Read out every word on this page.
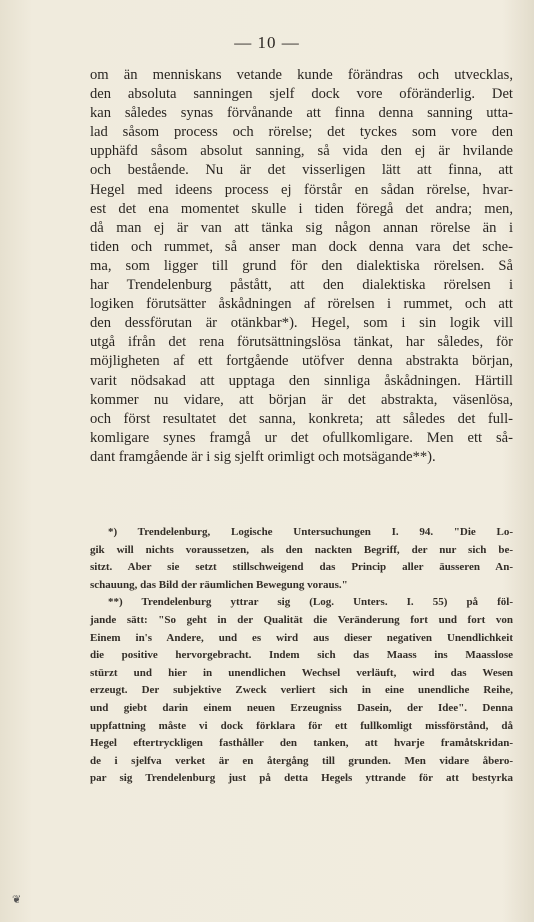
— 10 —
om än menniskans vetande kunde förändras och utvecklas,
den absoluta sanningen sjelf dock vore oföränderlig. Det
kan således synas förvånande att finna denna sanning utta-
lad såsom process och rörelse; det tyckes som vore den
upphäfd såsom absolut sanning, så vida den ej är hvilande
och bestående. Nu är det visserligen lätt att finna, att
Hegel med ideens process ej förstår en sådan rörelse, hvar-
est det ena momentet skulle i tiden föregå det andra; men,
då man ej är van att tänka sig någon annan rörelse än i
tiden och rummet, så anser man dock denna vara det sche-
ma, som ligger till grund för den dialektiska rörelsen. Så
har Trendelenburg påstått, att den dialektiska rörelsen i
logiken förutsätter åskådningen af rörelsen i rummet, och att
den dessförutan är otänkbar*). Hegel, som i sin logik vill
utgå ifrån det rena förutsättningslösa tänkat, har således, för
möjligheten af ett fortgående utöfver denna abstrakta början,
varit nödsakad att upptaga den sinnliga åskådningen. Härtill
kommer nu vidare, att början är det abstrakta, väsenlösa,
och först resultatet det sanna, konkreta; att således det full-
komligare synes framgå ur det ofullkomligare. Men ett så-
dant framgående är i sig sjelft orimligt och motsägande**).
*) Trendelenburg, Logische Untersuchungen I. 94. "Die Lo-
gik will nichts voraussetzen, als den nackten Begriff, der nur sich be-
sitzt. Aber sie setzt stillschweigend das Princip aller äusseren An-
schauung, das Bild der räumlichen Bewegung voraus."
**) Trendelenburg yttrar sig (Log. Unters. I. 55) på föl-
jande sätt: "So geht in der Qualität die Veränderung fort und fort von
Einem in's Andere, und es wird aus dieser negativen Unendlichkeit
die positive hervorgebracht. Indem sich das Maass ins Maasslose
stürzt und hier in unendlichen Wechsel verläuft, wird das Wesen
erzeugt. Der subjektive Zweck verliert sich in eine unendliche Reihe,
und giebt darin einem neuen Erzeugniss Dasein, der Idee". Denna
uppfattning måste vi dock förklara för ett fullkomligt missförstånd, då
Hegel eftertryckligen fasthåller den tanken, att hvarje framåtskridan-
de i sjelfva verket är en återgång till grunden. Men vidare åbero-
par sig Trendelenburg just på detta Hegels yttrande för att bestyrka
❦
